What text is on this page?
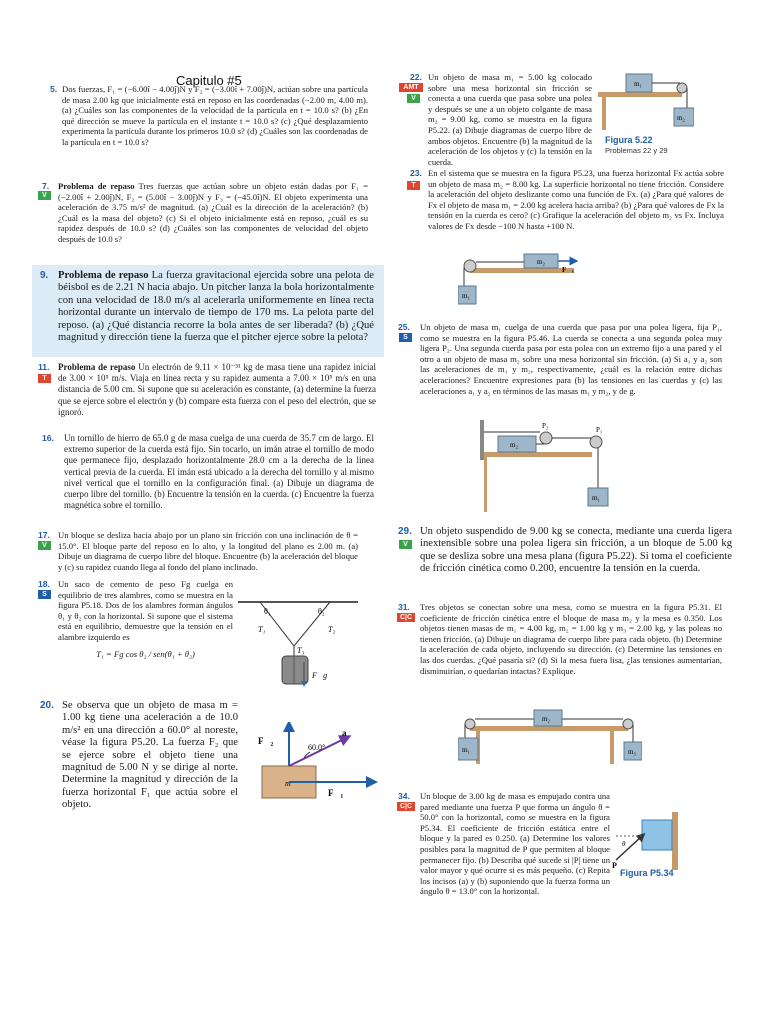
Capitulo #5
5. Dos fuerzas, F₁ = (−6.00î − 4.00ĵ)N y F₂ = (−3.00î + 7.00ĵ)N, actúan sobre una partícula de masa 2.00 kg que inicialmente está en reposo en las coordenadas (−2.00 m, 4.00 m). (a) ¿Cuáles son las componentes de la velocidad de la partícula en t = 10.0 s? (b) ¿En qué dirección se mueve la partícula en el instante t = 10.0 s? (c) ¿Qué desplazamiento experimenta la partícula durante los primeros 10.0 s? (d) ¿Cuáles son las coordenadas de la partícula en t = 10.0 s?
V
7. Problema de repaso Tres fuerzas que actúan sobre un objeto están dadas por F₁ = (−2.00î + 2.00ĵ)N, F₂ = (5.00î − 3.00ĵ)N y F₃ = (−45.0î)N. El objeto experimenta una aceleración de 3.75 m/s² de magnitud. (a) ¿Cuál es la dirección de la aceleración? (b) ¿Cuál es la masa del objeto? (c) Si el objeto inicialmente está en reposo, ¿cuál es su rapidez después de 10.0 s? (d) ¿Cuáles son las componentes de velocidad del objeto después de 10.0 s?
9. Problema de repaso La fuerza gravitacional ejercida sobre una pelota de béisbol es de 2.21 N hacia abajo. Un pitcher lanza la bola horizontalmente con una velocidad de 18.0 m/s al acelerarla uniformemente en línea recta horizontal durante un intervalo de tiempo de 170 ms. La pelota parte del reposo. (a) ¿Qué distancia recorre la bola antes de ser liberada? (b) ¿Qué magnitud y dirección tiene la fuerza que el pitcher ejerce sobre la pelota?
T
11. Problema de repaso Un electrón de 9.11 × 10⁻³¹ kg de masa tiene una rapidez inicial de 3.00 × 10⁵ m/s. Viaja en línea recta y su rapidez aumenta a 7.00 × 10⁵ m/s en una distancia de 5.00 cm. Si supone que su aceleración es constante, (a) determine la fuerza que se ejerce sobre el electrón y (b) compare esta fuerza con el peso del electrón, que se ignoró.
16. Un tornillo de hierro de 65.0 g de masa cuelga de una cuerda de 35.7 cm de largo. El extremo superior de la cuerda está fijo. Sin tocarlo, un imán atrae el tornillo de modo que permanece fijo, desplazado horizontalmente 28.0 cm a la derecha de la línea vertical previa de la cuerda. El imán está ubicado a la derecha del tornillo y al mismo nivel vertical que el tornillo en la configuración final. (a) Dibuje un diagrama de cuerpo libre del tornillo. (b) Encuentre la tensión en la cuerda. (c) Encuentre la fuerza magnética sobre el tornillo.
V
17. Un bloque se desliza hacia abajo por un plano sin fricción con una inclinación de θ = 15.0°. El bloque parte del reposo en lo alto, y la longitud del plano es 2.00 m. (a) Dibuje un diagrama de cuerpo libre del bloque. Encuentre (b) la aceleración del bloque y (c) su rapidez cuando llega al fondo del plano inclinado.
S
18. Un saco de cemento de peso Fg cuelga en equilibrio de tres alambres, como se muestra en la figura P5.18. Dos de los alambres forman ángulos θ₁ y θ₂ con la horizontal. Si supone que el sistema está en equilibrio, demuestre que la tensión en el alambre izquierdo es
T₁ = Fg cos θ₂ / sen(θ₁ + θ₂)
θ₁	θ₂
T₁	T₂
T₃
F⃗g
20. Se observa que un objeto de masa m = 1.00 kg tiene una aceleración a de 10.0 m/s² en una dirección a 60.0° al noreste, véase la figura P5.20. La fuerza F₂ que se ejerce sobre el objeto tiene una magnitud de 5.00 N y se dirige al norte. Determine la magnitud y dirección de la fuerza horizontal F₁ que actúa sobre el objeto.
m
F⃗₂
a⃗
60.0°
F⃗₁
AMT
V
22. Un objeto de masa m₁ = 5.00 kg colocado sobre una mesa horizontal sin fricción se conecta a una cuerda que pasa sobre una polea y después se une a un objeto colgante de masa m₂ = 9.00 kg, como se muestra en la figura P5.22. (a) Dibuje diagramas de cuerpo libre de ambos objetos. Encuentre (b) la magnitud de la aceleración de los objetos y (c) la tensión en la cuerda.
m₁
m₂
Figura 5.22
Problemas 22 y 29
T
23. En el sistema que se muestra en la figura P5.23, una fuerza horizontal Fx actúa sobre un objeto de masa m₂ = 8.00 kg. La superficie horizontal no tiene fricción. Considere la aceleración del objeto deslizante como una función de Fx. (a) ¿Para qué valores de Fx el objeto de masa m₁ = 2.00 kg acelera hacia arriba? (b) ¿Para qué valores de Fx la tensión en la cuerda es cero? (c) Grafique la aceleración del objeto m₂ vs Fx. Incluya valores de Fx desde −100 N hasta +100 N.
m₂
F⃗ₓ
m₁
S
25. Un objeto de masa m₁ cuelga de una cuerda que pasa por una polea ligera, fija P₁, como se muestra en la figura P5.46. La cuerda se conecta a una segunda polea muy ligera P₂. Una segunda cuerda pasa por esta polea con un extremo fijo a una pared y el otro a un objeto de masa m₂ sobre una mesa horizontal sin fricción. (a) Si a₁ y a₂ son las aceleraciones de m₁ y m₂, respectivamente, ¿cuál es la relación entre dichas aceleraciones? Encuentre expresiones para (b) las tensiones en las cuerdas y (c) las aceleraciones a₁ y a₂ en términos de las masas m₁ y m₂, y de g.
m₂
P₂	P₁
m₁
V
29. Un objeto suspendido de 9.00 kg se conecta, mediante una cuerda ligera inextensible sobre una polea ligera sin fricción, a un bloque de 5.00 kg que se desliza sobre una mesa plana (figura P5.22). Si toma el coeficiente de fricción cinética como 0.200, encuentre la tensión en la cuerda.
C|C
31. Tres objetos se conectan sobre una mesa, como se muestra en la figura P5.31. El coeficiente de fricción cinética entre el bloque de masa m₂ y la mesa es 0.350. Los objetos tienen masas de m₁ = 4.00 kg, m₂ = 1.00 kg y m₃ = 2.00 kg, y las poleas no tienen fricción. (a) Dibuje un diagrama de cuerpo libre para cada objeto. (b) Determine la aceleración de cada objeto, incluyendo su dirección. (c) Determine las tensiones en las dos cuerdas. ¿Qué pasaría si? (d) Si la mesa fuera lisa, ¿las tensiones aumentarían, disminuirían, o quedarían intactas? Explique.
m₂
m₁	m₃
C|C
34. Un bloque de 3.00 kg de masa es empujado contra una pared mediante una fuerza P que forma un ángulo θ = 50.0° con la horizontal, como se muestra en la figura P5.34. El coeficiente de fricción estática entre el bloque y la pared es 0.250. (a) Determine los valores posibles para la magnitud de P que permiten al bloque permanecer fijo. (b) Describa qué sucede si |P| tiene un valor mayor y qué ocurre si es más pequeño. (c) Repita los incisos (a) y (b) suponiendo que la fuerza forma un ángulo θ = 13.0° con la horizontal.
θ
P⃗
Figura P5.34
